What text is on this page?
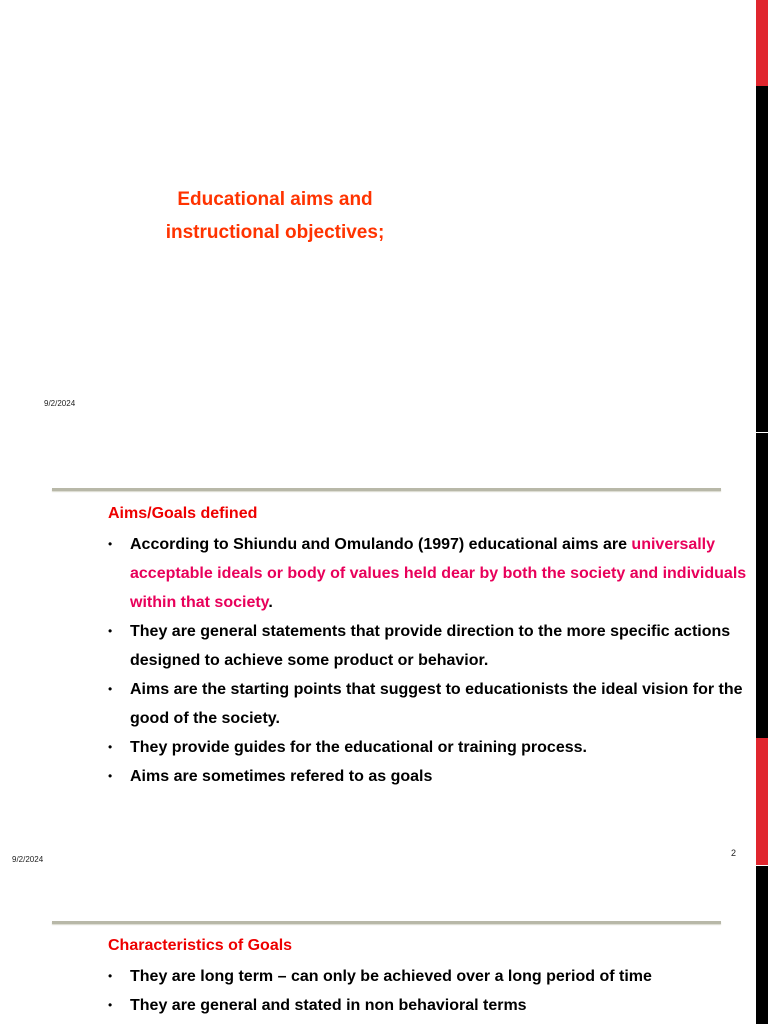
Educational aims and
instructional objectives;
9/2/2024
Aims/Goals defined
• According to Shiundu and Omulando (1997) educational aims are universally acceptable ideals or body of values held dear by both the society and individuals within that society.
• They are general statements that provide direction to the more specific actions designed to achieve some product or behavior.
• Aims are the starting points that suggest to educationists the ideal vision for the good of the society.
• They provide guides for the educational or training process.
• Aims are sometimes refered to as goals
9/2/2024
2
Characteristics of Goals
• They are long term – can only be achieved over a long period of time
• They are general and stated in non behavioral terms
